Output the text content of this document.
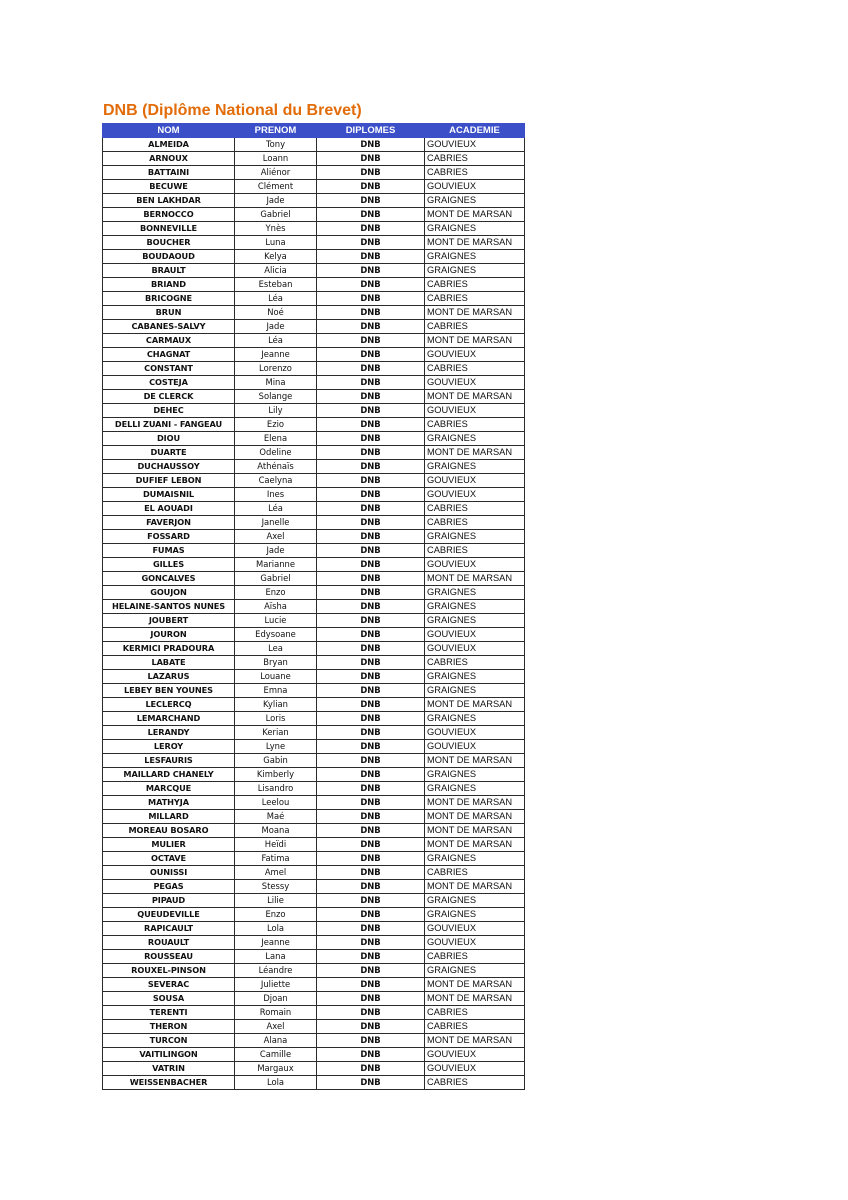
DNB (Diplôme National du Brevet)
NOM	PRENOM	DIPLOMES	ACADEMIE
ALMEIDA	Tony	DNB	GOUVIEUX
ARNOUX	Loann	DNB	CABRIES
BATTAINI	Aliénor	DNB	CABRIES
BECUWE	Clément	DNB	GOUVIEUX
BEN LAKHDAR	Jade	DNB	GRAIGNES
BERNOCCO	Gabriel	DNB	MONT DE MARSAN
BONNEVILLE	Ynès	DNB	GRAIGNES
BOUCHER	Luna	DNB	MONT DE MARSAN
BOUDAOUD	Kelya	DNB	GRAIGNES
BRAULT	Alicia	DNB	GRAIGNES
BRIAND	Esteban	DNB	CABRIES
BRICOGNE	Léa	DNB	CABRIES
BRUN	Noé	DNB	MONT DE MARSAN
CABANES-SALVY	Jade	DNB	CABRIES
CARMAUX	Léa	DNB	MONT DE MARSAN
CHAGNAT	Jeanne	DNB	GOUVIEUX
CONSTANT	Lorenzo	DNB	CABRIES
COSTEJA	Mina	DNB	GOUVIEUX
DE CLERCK	Solange	DNB	MONT DE MARSAN
DEHEC	Lily	DNB	GOUVIEUX
DELLI ZUANI - FANGEAU	Ezio	DNB	CABRIES
DIOU	Elena	DNB	GRAIGNES
DUARTE	Odeline	DNB	MONT DE MARSAN
DUCHAUSSOY	Athénaïs	DNB	GRAIGNES
DUFIEF LEBON	Caelyna	DNB	GOUVIEUX
DUMAISNIL	Ines	DNB	GOUVIEUX
EL AOUADI	Léa	DNB	CABRIES
FAVERJON	Janelle	DNB	CABRIES
FOSSARD	Axel	DNB	GRAIGNES
FUMAS	Jade	DNB	CABRIES
GILLES	Marianne	DNB	GOUVIEUX
GONCALVES	Gabriel	DNB	MONT DE MARSAN
GOUJON	Enzo	DNB	GRAIGNES
HELAINE-SANTOS NUNES	Aïsha	DNB	GRAIGNES
JOUBERT	Lucie	DNB	GRAIGNES
JOURON	Edysoane	DNB	GOUVIEUX
KERMICI PRADOURA	Lea	DNB	GOUVIEUX
LABATE	Bryan	DNB	CABRIES
LAZARUS	Louane	DNB	GRAIGNES
LEBEY BEN YOUNES	Emna	DNB	GRAIGNES
LECLERCQ	Kylian	DNB	MONT DE MARSAN
LEMARCHAND	Loris	DNB	GRAIGNES
LERANDY	Kerian	DNB	GOUVIEUX
LEROY	Lyne	DNB	GOUVIEUX
LESFAURIS	Gabin	DNB	MONT DE MARSAN
MAILLARD CHANELY	Kimberly	DNB	GRAIGNES
MARCQUE	Lisandro	DNB	GRAIGNES
MATHYJA	Leelou	DNB	MONT DE MARSAN
MILLARD	Maé	DNB	MONT DE MARSAN
MOREAU BOSARO	Moana	DNB	MONT DE MARSAN
MULIER	Heïdi	DNB	MONT DE MARSAN
OCTAVE	Fatima	DNB	GRAIGNES
OUNISSI	Amel	DNB	CABRIES
PEGAS	Stessy	DNB	MONT DE MARSAN
PIPAUD	Lilie	DNB	GRAIGNES
QUEUDEVILLE	Enzo	DNB	GRAIGNES
RAPICAULT	Lola	DNB	GOUVIEUX
ROUAULT	Jeanne	DNB	GOUVIEUX
ROUSSEAU	Lana	DNB	CABRIES
ROUXEL-PINSON	Léandre	DNB	GRAIGNES
SEVERAC	Juliette	DNB	MONT DE MARSAN
SOUSA	Djoan	DNB	MONT DE MARSAN
TERENTI	Romain	DNB	CABRIES
THERON	Axel	DNB	CABRIES
TURCON	Alana	DNB	MONT DE MARSAN
VAITILINGON	Camille	DNB	GOUVIEUX
VATRIN	Margaux	DNB	GOUVIEUX
WEISSENBACHER	Lola	DNB	CABRIES
